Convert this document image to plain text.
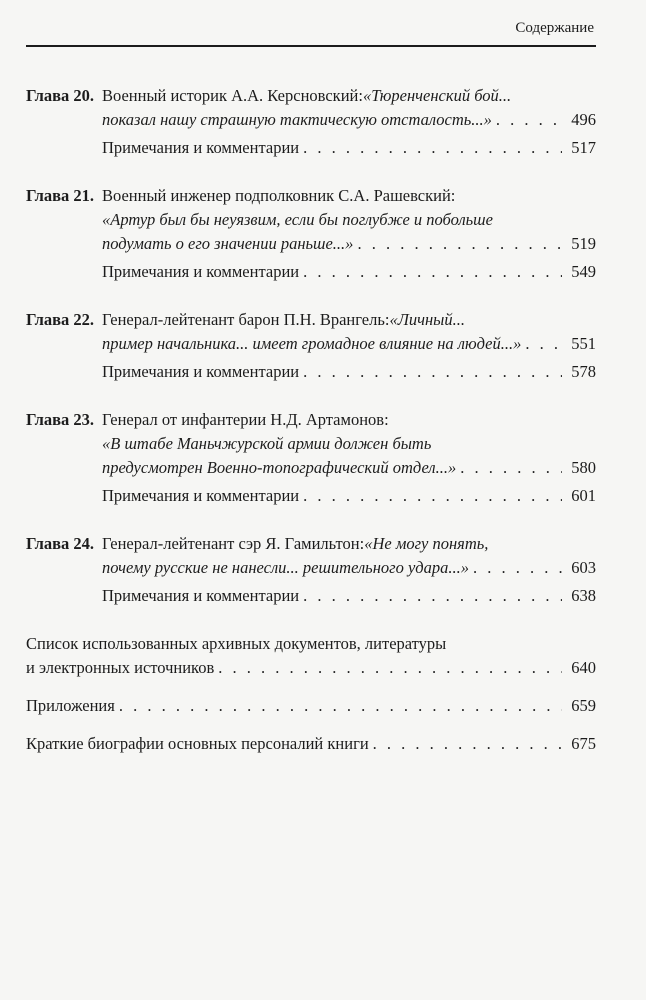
Содержание
Глава 20. Военный историк А.А. Керсновский: «Тюренченский бой...
показал нашу страшную тактическую отсталость...» . . .	496
Примечания и комментарии . . .	517
Глава 21. Военный инженер подполковник С.А. Рашевский:
«Артур был бы неуязвим, если бы поглубже и побольше
подумать о его значении раньше...» . . .	519
Примечания и комментарии . . .	549
Глава 22. Генерал-лейтенант барон П.Н. Врангель: «Личный...
пример начальника... имеет громадное влияние на людей...» . . .	551
Примечания и комментарии . . .	578
Глава 23. Генерал от инфантерии Н.Д. Артамонов:
«В штабе Маньчжурской армии должен быть
предусмотрен Военно-топографический отдел...» . . .	580
Примечания и комментарии . . .	601
Глава 24. Генерал-лейтенант сэр Я. Гамильтон: «Не могу понять,
почему русские не нанесли... решительного удара...» . . .	603
Примечания и комментарии . . .	638
Список использованных архивных документов, литературы
и электронных источников . . .	640
Приложения . . .	659
Краткие биографии основных персоналий книги . . .	675
